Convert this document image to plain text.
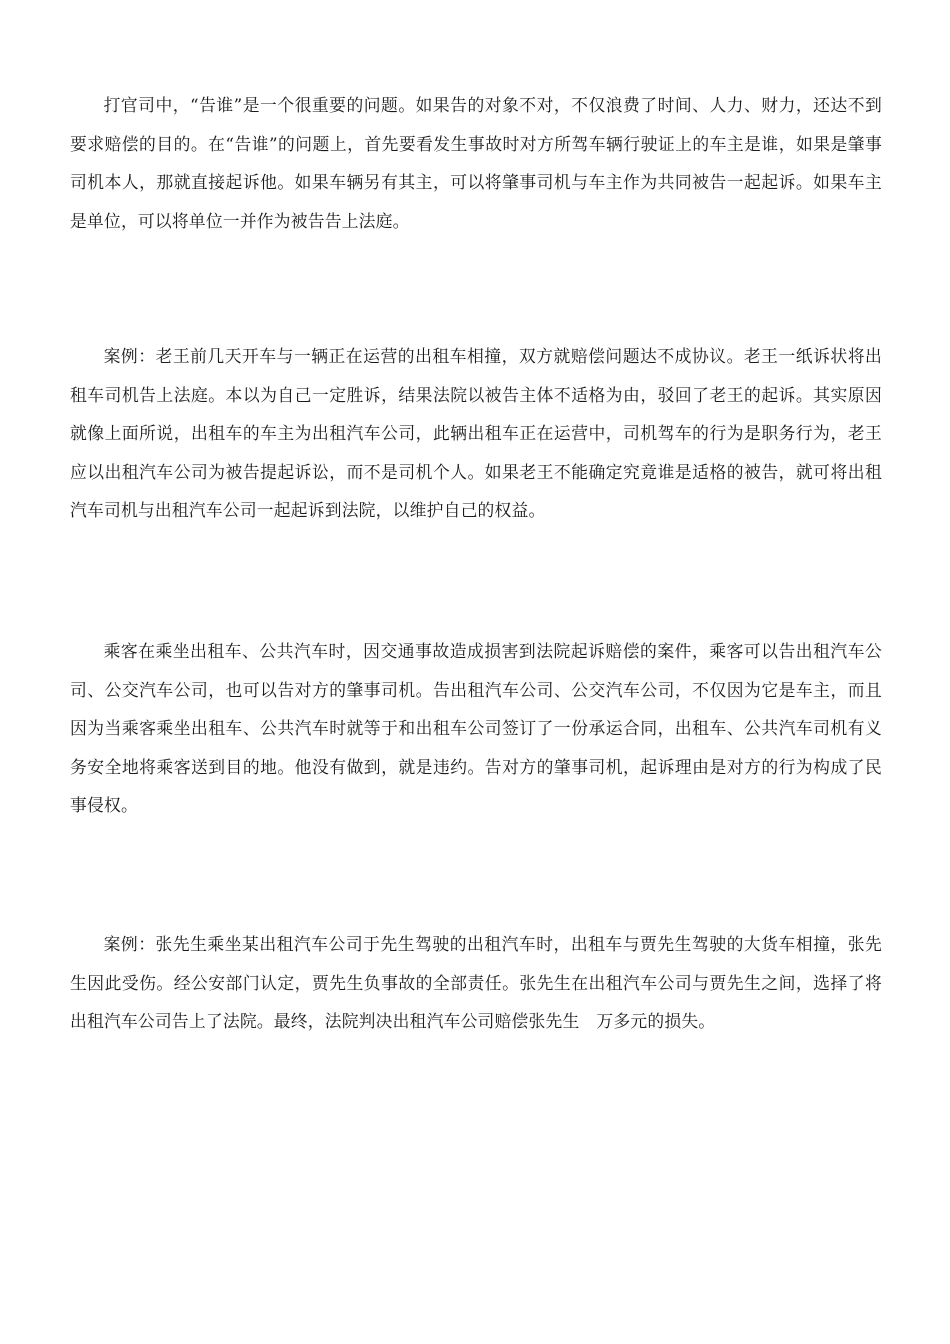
打官司中，“告谁”是一个很重要的问题。如果告的对象不对，不仅浪费了时间、人力、财力，还达不到要求赔偿的目的。在“告谁”的问题上，首先要看发生事故时对方所驾车辆行驶证上的车主是谁，如果是肇事司机本人，那就直接起诉他。如果车辆另有其主，可以将肇事司机与车主作为共同被告一起起诉。如果车主是单位，可以将单位一并作为被告告上法庭。

案例：老王前几天开车与一辆正在运营的出租车相撞，双方就赔偿问题达不成协议。老王一纸诉状将出租车司机告上法庭。本以为自己一定胜诉，结果法院以被告主体不适格为由，驳回了老王的起诉。其实原因就像上面所说，出租车的车主为出租汽车公司，此辆出租车正在运营中，司机驾车的行为是职务行为，老王应以出租汽车公司为被告提起诉讼，而不是司机个人。如果老王不能确定究竟谁是适格的被告，就可将出租汽车司机与出租汽车公司一起起诉到法院，以维护自己的权益。

乘客在乘坐出租车、公共汽车时，因交通事故造成损害到法院起诉赔偿的案件，乘客可以告出租汽车公司、公交汽车公司，也可以告对方的肇事司机。告出租汽车公司、公交汽车公司，不仅因为它是车主，而且因为当乘客乘坐出租车、公共汽车时就等于和出租车公司签订了一份承运合同，出租车、公共汽车司机有义务安全地将乘客送到目的地。他没有做到，就是违约。告对方的肇事司机，起诉理由是对方的行为构成了民事侵权。

案例：张先生乘坐某出租汽车公司于先生驾驶的出租汽车时，出租车与贾先生驾驶的大货车相撞，张先生因此受伤。经公安部门认定，贾先生负事故的全部责任。张先生在出租汽车公司与贾先生之间，选择了将出租汽车公司告上了法院。最终，法院判决出租汽车公司赔偿张先生　万多元的损失。
